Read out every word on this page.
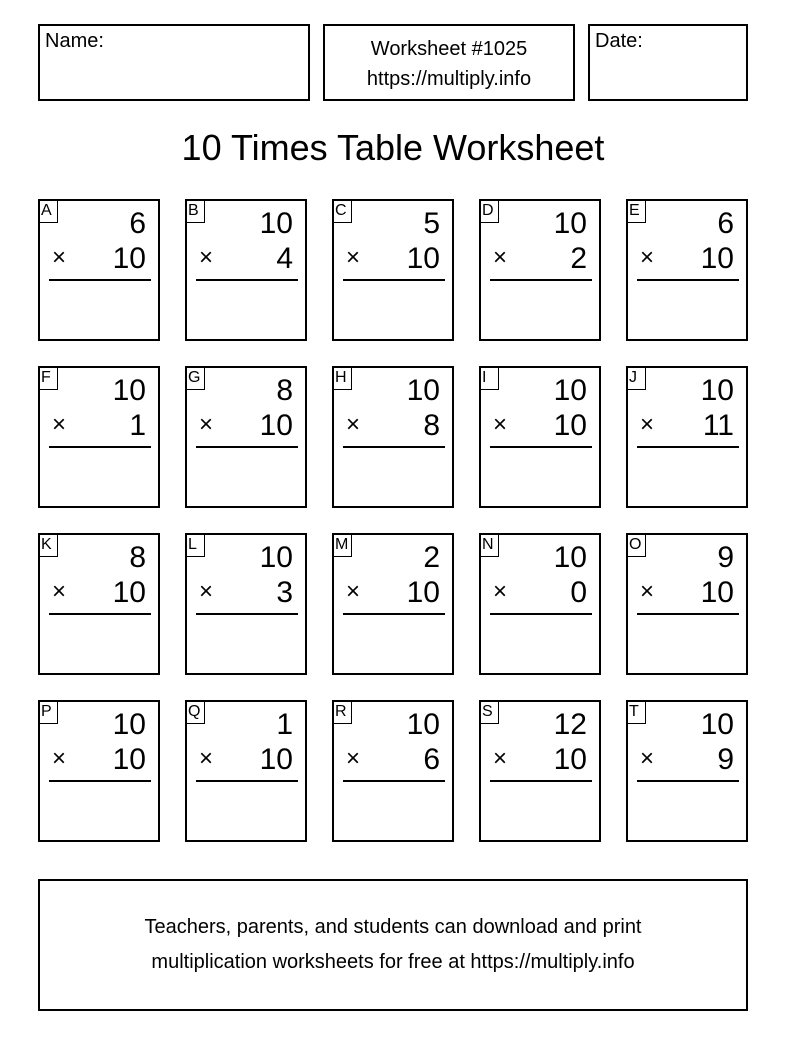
Name:	Worksheet #1025
https://multiply.info
Date:
10 Times Table Worksheet
A	6
× 10
B 10
× 4
C	5
× 10
D 10
× 2
E	6
× 10
F 10
× 1
G	8
× 10
H 10
× 8
I	10
× 10
J	10
× 11
K	8
× 10
L 10
× 3
M 2
× 10
N 10
× 0
O	9
× 10
P 10
× 10
Q	1
× 10
R 10
× 6
S 12
× 10
T 10
× 9
Teachers, parents, and students can download and print
multiplication worksheets for free at https://multiply.info
